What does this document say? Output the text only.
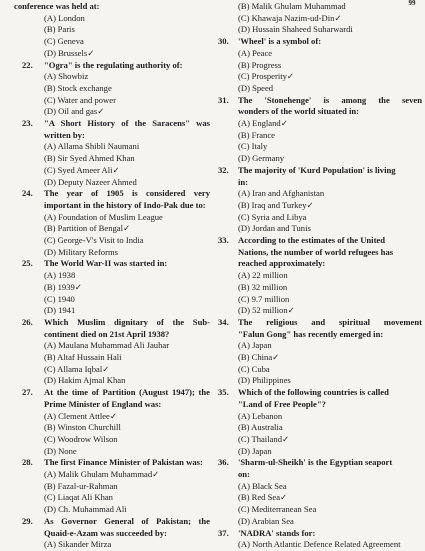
99
conference was held at:
(A) London
(B) Paris
(C) Geneva
(D) Brussels✓
22.	"Ogra" is the regulating authority of:
(A) Showbiz
(B) Stock exchange
(C) Water and power
(D) Oil and gas✓
23.	"A Short History of the Saracens" was
written by:
(A) Allama Shibli Naumani
(B) Sir Syed Ahmed Khan
(C) Syed Ameer Ali✓
(D) Deputy Nazeer Ahmed
24.	The year of 1905 is considered very
important in the history of Indo-Pak due to:
(A) Foundation of Muslim League
(B) Partition of Bengal✓
(C) George-V's Visit to India
(D) Military Reforms
25.	The World War-II was started in:
(A) 1938
(B) 1939✓
(C) 1940
(D) 1941
26.	Which Muslim dignitary of the Sub-
continent died on 21st April 1938?
(A) Maulana Muhammad Ali Jauhar
(B) Altaf Hussain Hali
(C) Allama Iqbal✓
(D) Hakim Ajmal Khan
27.	At the time of Partition (August 1947); the
Prime Minister of England was:
(A) Clement Attlee✓
(B) Winston Churchill
(C) Woodrow Wilson
(D) None
28.	The first Finance Minister of Pakistan was:
(A) Malik Ghulam Muhammad✓
(B) Fazal-ur-Rahman
(C) Liaqat Ali Khan
(D) Ch. Muhammad Ali
29.	As Governor General of Pakistan; the
Quaid-e-Azam was succeeded by:
(A) Sikander Mirza
(B) Malik Ghulam Muhammad
(C) Khawaja Nazim-ud-Din✓
(D) Hussain Shaheed Suharwardi
30.	'Wheel' is a symbol of:
(A) Peace
(B) Progress
(C) Prosperity✓
(D) Speed
31.	The 'Stonehenge' is among the seven
wonders of the world situated in:
(A) England✓
(B) France
(C) Italy
(D) Germany
32.	The majority of 'Kurd Population' is living
in:
(A) Iran and Afghanistan
(B) Iraq and Turkey✓
(C) Syria and Libya
(D) Jordan and Tunis
33.	According to the estimates of the United
Nations, the number of world refugees has
reached approximately:
(A) 22 million
(B) 32 million
(C) 9.7 million
(D) 52 million✓
34.	The religious and spiritual movement
"Falun Gong" has recently emerged in:
(A) Japan
(B) China✓
(C) Cuba
(D) Philippines
35.	Which of the following countries is called
"Land of Free People"?
(A) Lebanon
(B) Australia
(C) Thailand✓
(D) Japan
36.	'Sharm-ul-Sheikh' is the Egyptian seaport
on:
(A) Black Sea
(B) Red Sea✓
(C) Mediterranean Sea
(D) Arabian Sea
37.	'NADRA' stands for:
(A) North Atlantic Defence Related Agreement
